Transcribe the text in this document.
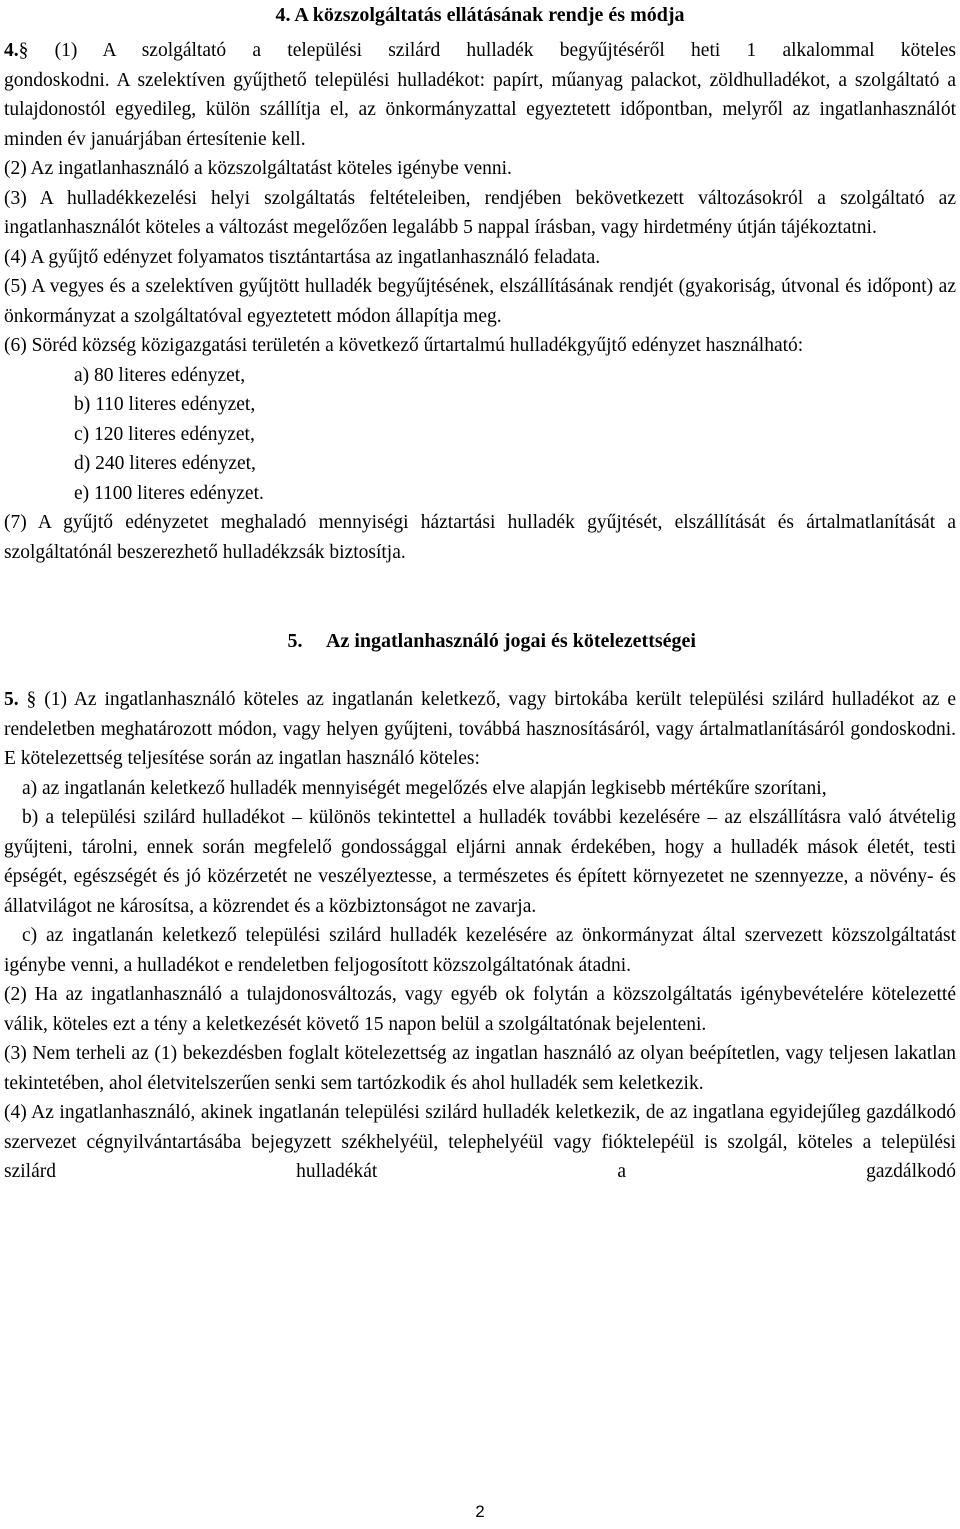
4. A közszolgáltatás ellátásának rendje és módja

4.§ (1) A szolgáltató a települési szilárd hulladék begyűjtéséről heti 1 alkalommal köteles

gondoskodni. A szelektíven gyűjthető települési hulladékot: papírt, műanyag palackot, zöldhulladékot, a szolgáltató a tulajdonostól egyedileg, külön szállítja el, az önkormányzattal egyeztetett időpontban, melyről az ingatlanhasználót minden év januárjában értesítenie kell.

(2) Az ingatlanhasználó a közszolgáltatást köteles igénybe venni.

(3) A hulladékkezelési helyi szolgáltatás feltételeiben, rendjében bekövetkezett változásokról a szolgáltató az ingatlanhasználót köteles a változást megelőzően legalább 5 nappal írásban, vagy hirdetmény útján tájékoztatni.

(4) A gyűjtő edényzet folyamatos tisztántartása az ingatlanhasználó feladata.

(5) A vegyes és a szelektíven gyűjtött hulladék begyűjtésének, elszállításának rendjét (gyakoriság, útvonal és időpont) az önkormányzat a szolgáltatóval egyeztetett módon állapítja meg.

(6) Söréd község közigazgatási területén a következő űrtartalmú hulladékgyűjtő edényzet használható:

a) 80 literes edényzet,

b) 110 literes edényzet,

c) 120 literes edényzet,

d) 240 literes edényzet,

e) 1100 literes edényzet.

(7) A gyűjtő edényzetet meghaladó mennyiségi háztartási hulladék gyűjtését, elszállítását és ártalmatlanítását a szolgáltatónál beszerezhető hulladékzsák biztosítja.

5. Az ingatlanhasználó jogai és kötelezettségei

5. § (1) Az ingatlanhasználó köteles az ingatlanán keletkező, vagy birtokába került települési szilárd hulladékot az e rendeletben meghatározott módon, vagy helyen gyűjteni, továbbá hasznosításáról, vagy ártalmatlanításáról gondoskodni. E kötelezettség teljesítése során az ingatlan használó köteles:

a) az ingatlanán keletkező hulladék mennyiségét megelőzés elve alapján legkisebb mértékűre szorítani,

b) a települési szilárd hulladékot – különös tekintettel a hulladék további kezelésére – az elszállításra való átvételig gyűjteni, tárolni, ennek során megfelelő gondossággal eljárni annak érdekében, hogy a hulladék mások életét, testi épségét, egészségét és jó közérzetét ne veszélyeztesse, a természetes és épített környezetet ne szennyezze, a növény- és állatvilágot ne károsítsa, a közrendet és a közbiztonságot ne zavarja.

c) az ingatlanán keletkező települési szilárd hulladék kezelésére az önkormányzat által szervezett közszolgáltatást igénybe venni, a hulladékot e rendeletben feljogosított közszolgáltatónak átadni.

(2) Ha az ingatlanhasználó a tulajdonosváltozás, vagy egyéb ok folytán a közszolgáltatás igénybevételére kötelezetté válik, köteles ezt a tény a keletkezését követő 15 napon belül a szolgáltatónak bejelenteni.

(3) Nem terheli az (1) bekezdésben foglalt kötelezettség az ingatlan használó az olyan beépítetlen, vagy teljesen lakatlan tekintetében, ahol életvitelszerűen senki sem tartózkodik és ahol hulladék sem keletkezik.

(4) Az ingatlanhasználó, akinek ingatlanán települési szilárd hulladék keletkezik, de az ingatlana egyidejűleg gazdálkodó szervezet cégnyilvántartásába bejegyzett székhelyéül, telephelyéül vagy fióktelepéül is szolgál, köteles a települési szilárd hulladékát a gazdálkodó

2
